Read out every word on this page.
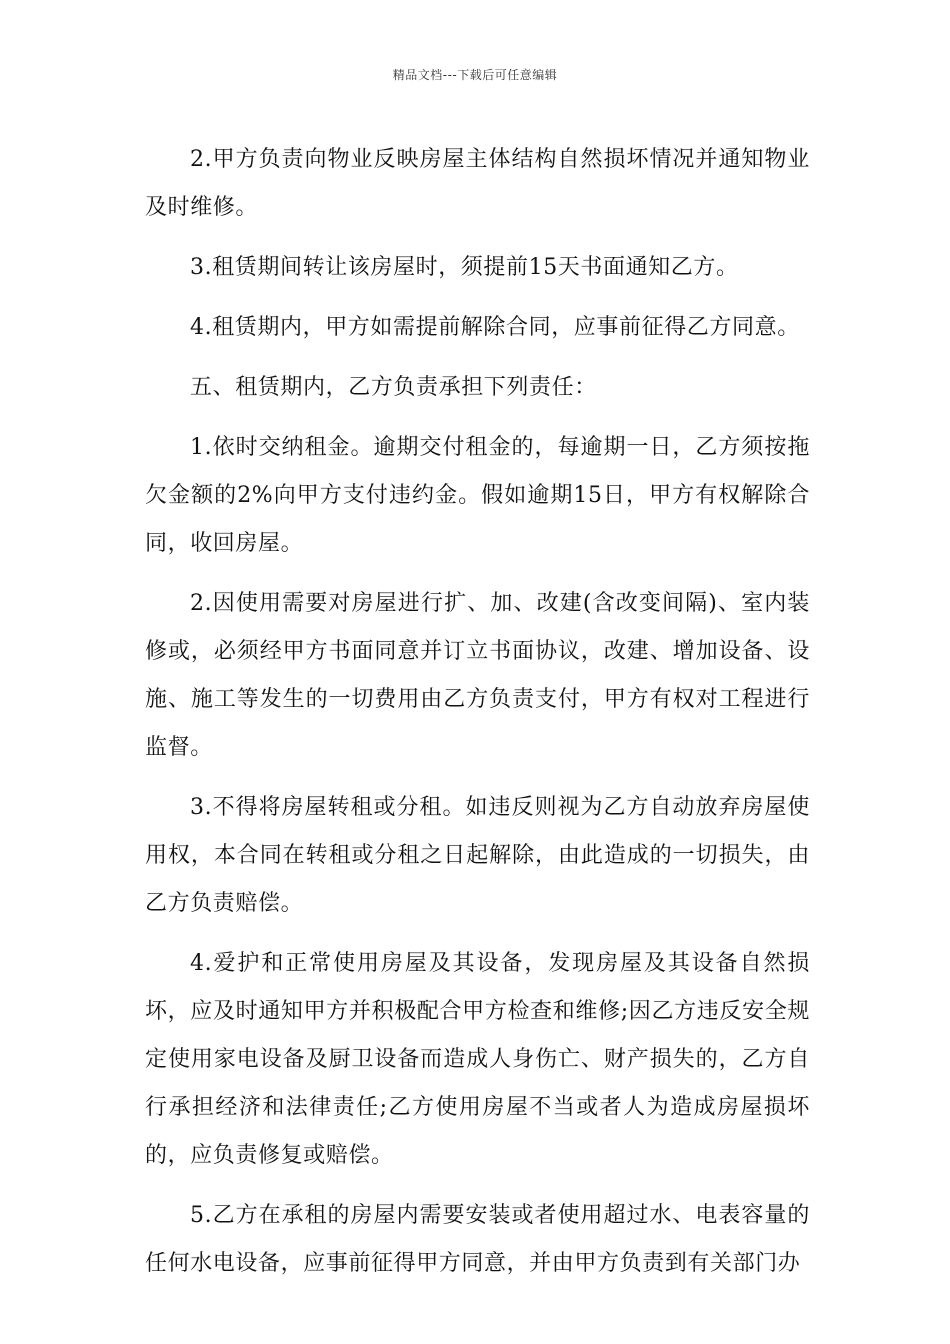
精品文档---下载后可任意编辑

2.甲方负责向物业反映房屋主体结构自然损坏情况并通知物业及时维修。

3.租赁期间转让该房屋时，须提前15天书面通知乙方。

4.租赁期内，甲方如需提前解除合同，应事前征得乙方同意。

五、租赁期内，乙方负责承担下列责任：

1.依时交纳租金。逾期交付租金的，每逾期一日，乙方须按拖欠金额的2%向甲方支付违约金。假如逾期15日，甲方有权解除合同，收回房屋。

2.因使用需要对房屋进行扩、加、改建(含改变间隔)、室内装修或，必须经甲方书面同意并订立书面协议，改建、增加设备、设施、施工等发生的一切费用由乙方负责支付，甲方有权对工程进行监督。

3.不得将房屋转租或分租。如违反则视为乙方自动放弃房屋使用权，本合同在转租或分租之日起解除，由此造成的一切损失，由乙方负责赔偿。

4.爱护和正常使用房屋及其设备，发现房屋及其设备自然损坏，应及时通知甲方并积极配合甲方检查和维修;因乙方违反安全规定使用家电设备及厨卫设备而造成人身伤亡、财产损失的，乙方自行承担经济和法律责任;乙方使用房屋不当或者人为造成房屋损坏的，应负责修复或赔偿。

5.乙方在承租的房屋内需要安装或者使用超过水、电表容量的任何水电设备，应事前征得甲方同意，并由甲方负责到有关部门办
